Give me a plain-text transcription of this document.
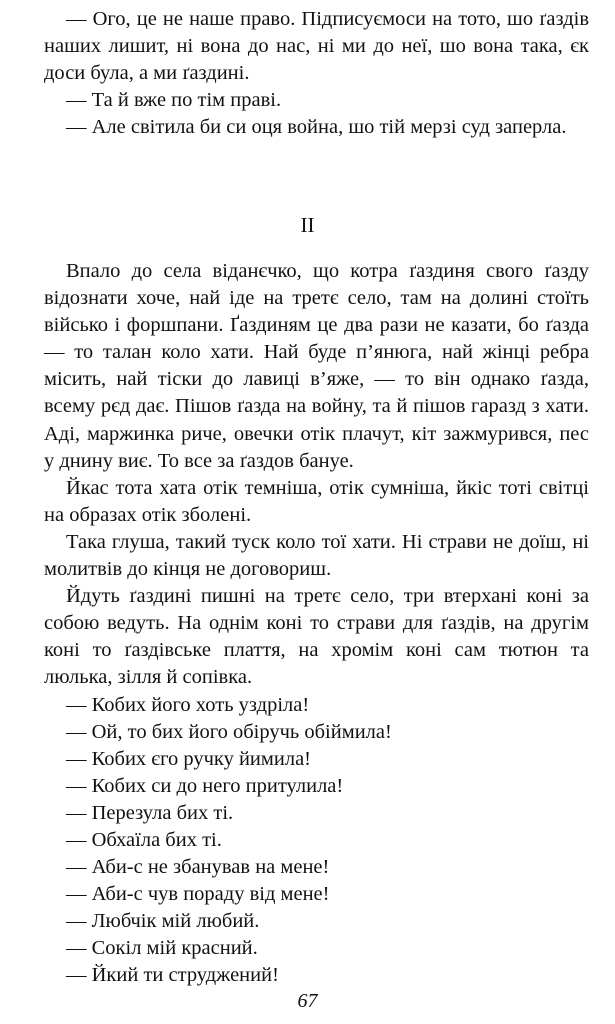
— Ого, це не наше право. Підписуємоси на тото, шо ґаздів наших лишит, ні вона до нас, ні ми до неї, шо вона така, єк доси була, а ми ґаздині.

— Та й вже по тім праві.

— Але світила би си оця война, шо тій мерзі суд заперла.

II

Впало до села віданєчко, що котра ґаздиня свого ґазду відознати хоче, най іде на третє село, там на долині стоїть військо і форшпани. Ґаздиням це два рази не казати, бо ґазда — то талан коло хати. Най буде п’янюга, най жінці ребра місить, най тіски до лавиці в’яже, — то він однако ґазда, всему рєд дає. Пішов ґазда на войну, та й пішов гаразд з хати. Аді, маржинка риче, овечки отік плачут, кіт зажмурився, пес у днину виє. То все за ґаздов бануе.

Йкас тота хата отік темніша, отік сумніша, йкіс тоті світці на образах отік зболені.

Така глуша, такий туск коло тої хати. Ні страви не доїш, ні молитвів до кінця не договориш.

Йдуть ґаздині пишні на третє село, три втерхані коні за собою ведуть. На однім коні то страви для ґаздів, на другім коні то ґаздівське плаття, на хромім коні сам тютюн та люлька, зілля й сопівка.

— Кобих його хоть уздріла!

— Ой, то бих його обіручь обіймила!

— Кобих єго ручку йимила!

— Кобих си до него притулила!

— Перезула бих ті.

— Обхаїла бих ті.

— Аби-с не збанував на мене!

— Аби-с чув пораду від мене!

— Любчік мій любий.

— Сокіл мій красний.

— Йкий ти струджений!

67
